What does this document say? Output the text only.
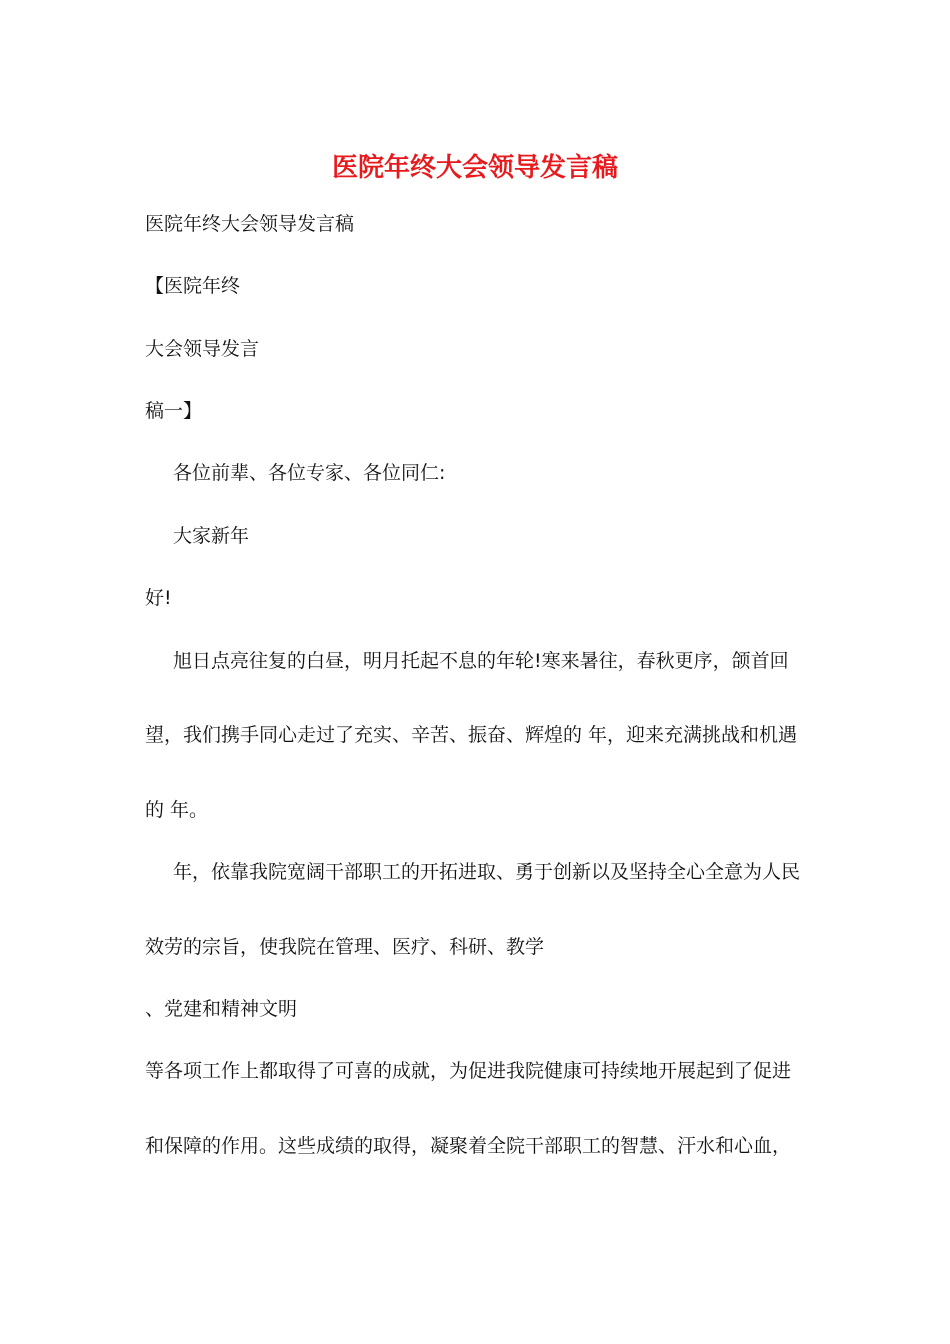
医院年终大会领导发言稿
医院年终大会领导发言稿
【医院年终
大会领导发言
稿一】
各位前辈、各位专家、各位同仁:
大家新年
好!
旭日点亮往复的白昼，明月托起不息的年轮!寒来暑往，春秋更序，颌首回
望，我们携手同心走过了充实、辛苦、振奋、辉煌的 年，迎来充满挑战和机遇
的 年。
年，依靠我院宽阔干部职工的开拓进取、勇于创新以及坚持全心全意为人民
效劳的宗旨，使我院在管理、医疗、科研、教学
、党建和精神文明
等各项工作上都取得了可喜的成就，为促进我院健康可持续地开展起到了促进
和保障的作用。这些成绩的取得，凝聚着全院干部职工的智慧、汗水和心血，
